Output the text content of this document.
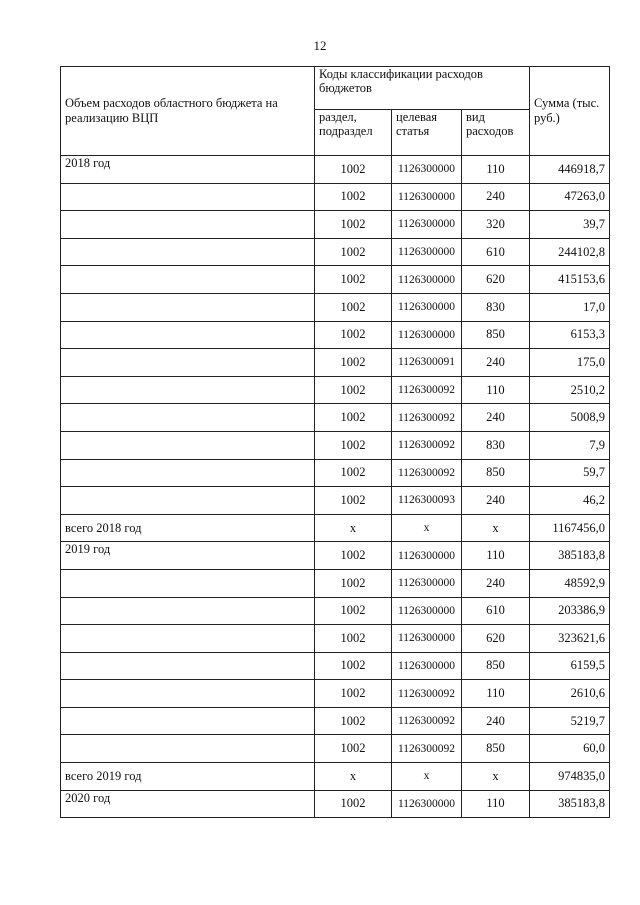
12
Объем расходов областного бюджета на реализацию ВЦП	Коды классификации расходов бюджетов			Сумма (тыс. руб.)
	раздел, подраздел	целевая статья	вид расходов	
2018 год	1002	1126300000	110	446918,7
	1002	1126300000	240	47263,0
	1002	1126300000	320	39,7
	1002	1126300000	610	244102,8
	1002	1126300000	620	415153,6
	1002	1126300000	830	17,0
	1002	1126300000	850	6153,3
	1002	1126300091	240	175,0
	1002	1126300092	110	2510,2
	1002	1126300092	240	5008,9
	1002	1126300092	830	7,9
	1002	1126300092	850	59,7
	1002	1126300093	240	46,2
всего 2018 год	х	х	х	1167456,0
2019 год	1002	1126300000	110	385183,8
	1002	1126300000	240	48592,9
	1002	1126300000	610	203386,9
	1002	1126300000	620	323621,6
	1002	1126300000	850	6159,5
	1002	1126300092	110	2610,6
	1002	1126300092	240	5219,7
	1002	1126300092	850	60,0
всего 2019 год	х	х	х	974835,0
2020 год	1002	1126300000	110	385183,8
